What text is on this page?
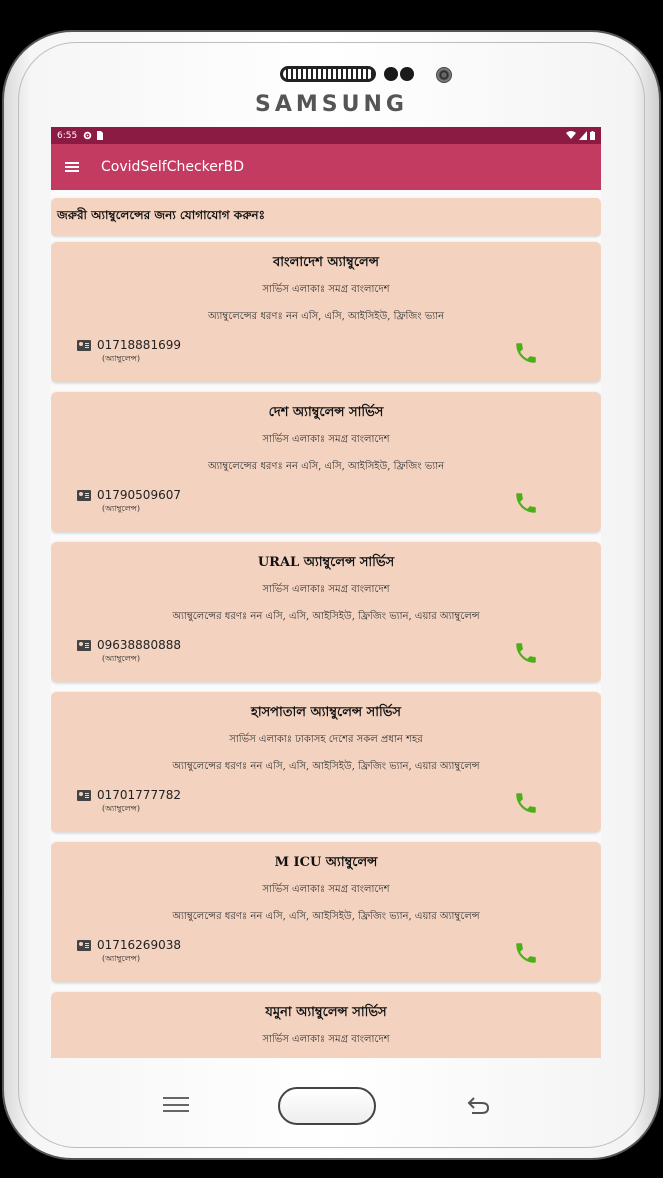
SAMSUNG
6:55
CovidSelfCheckerBD
জরুরী অ্যাম্বুলেন্সের জন্য যোগাযোগ করুনঃ
বাংলাদেশ অ্যাম্বুলেন্স
সার্ভিস এলাকাঃ সমগ্র বাংলাদেশ
অ্যাম্বুলেন্সের ধরণঃ নন এসি, এসি, আইসিইউ, ফ্রিজিং ভ্যান
01718881699
(অ্যাম্বুলেন্স)
দেশ অ্যাম্বুলেন্স সার্ভিস
সার্ভিস এলাকাঃ সমগ্র বাংলাদেশ
অ্যাম্বুলেন্সের ধরণঃ নন এসি, এসি, আইসিইউ, ফ্রিজিং ভ্যান
01790509607
(অ্যাম্বুলেন্স)
URAL অ্যাম্বুলেন্স সার্ভিস
সার্ভিস এলাকাঃ সমগ্র বাংলাদেশ
অ্যাম্বুলেন্সের ধরণঃ নন এসি, এসি, আইসিইউ, ফ্রিজিং ভ্যান, এয়ার অ্যাম্বুলেন্স
09638880888
(অ্যাম্বুলেন্স)
হাসপাতাল অ্যাম্বুলেন্স সার্ভিস
সার্ভিস এলাকাঃ ঢাকাসহ দেশের সকল প্রধান শহর
অ্যাম্বুলেন্সের ধরণঃ নন এসি, এসি, আইসিইউ, ফ্রিজিং ভ্যান, এয়ার অ্যাম্বুলেন্স
01701777782
(অ্যাম্বুলেন্স)
M ICU অ্যাম্বুলেন্স
সার্ভিস এলাকাঃ সমগ্র বাংলাদেশ
অ্যাম্বুলেন্সের ধরণঃ নন এসি, এসি, আইসিইউ, ফ্রিজিং ভ্যান, এয়ার অ্যাম্বুলেন্স
01716269038
(অ্যাম্বুলেন্স)
যমুনা অ্যাম্বুলেন্স সার্ভিস
সার্ভিস এলাকাঃ সমগ্র বাংলাদেশ
